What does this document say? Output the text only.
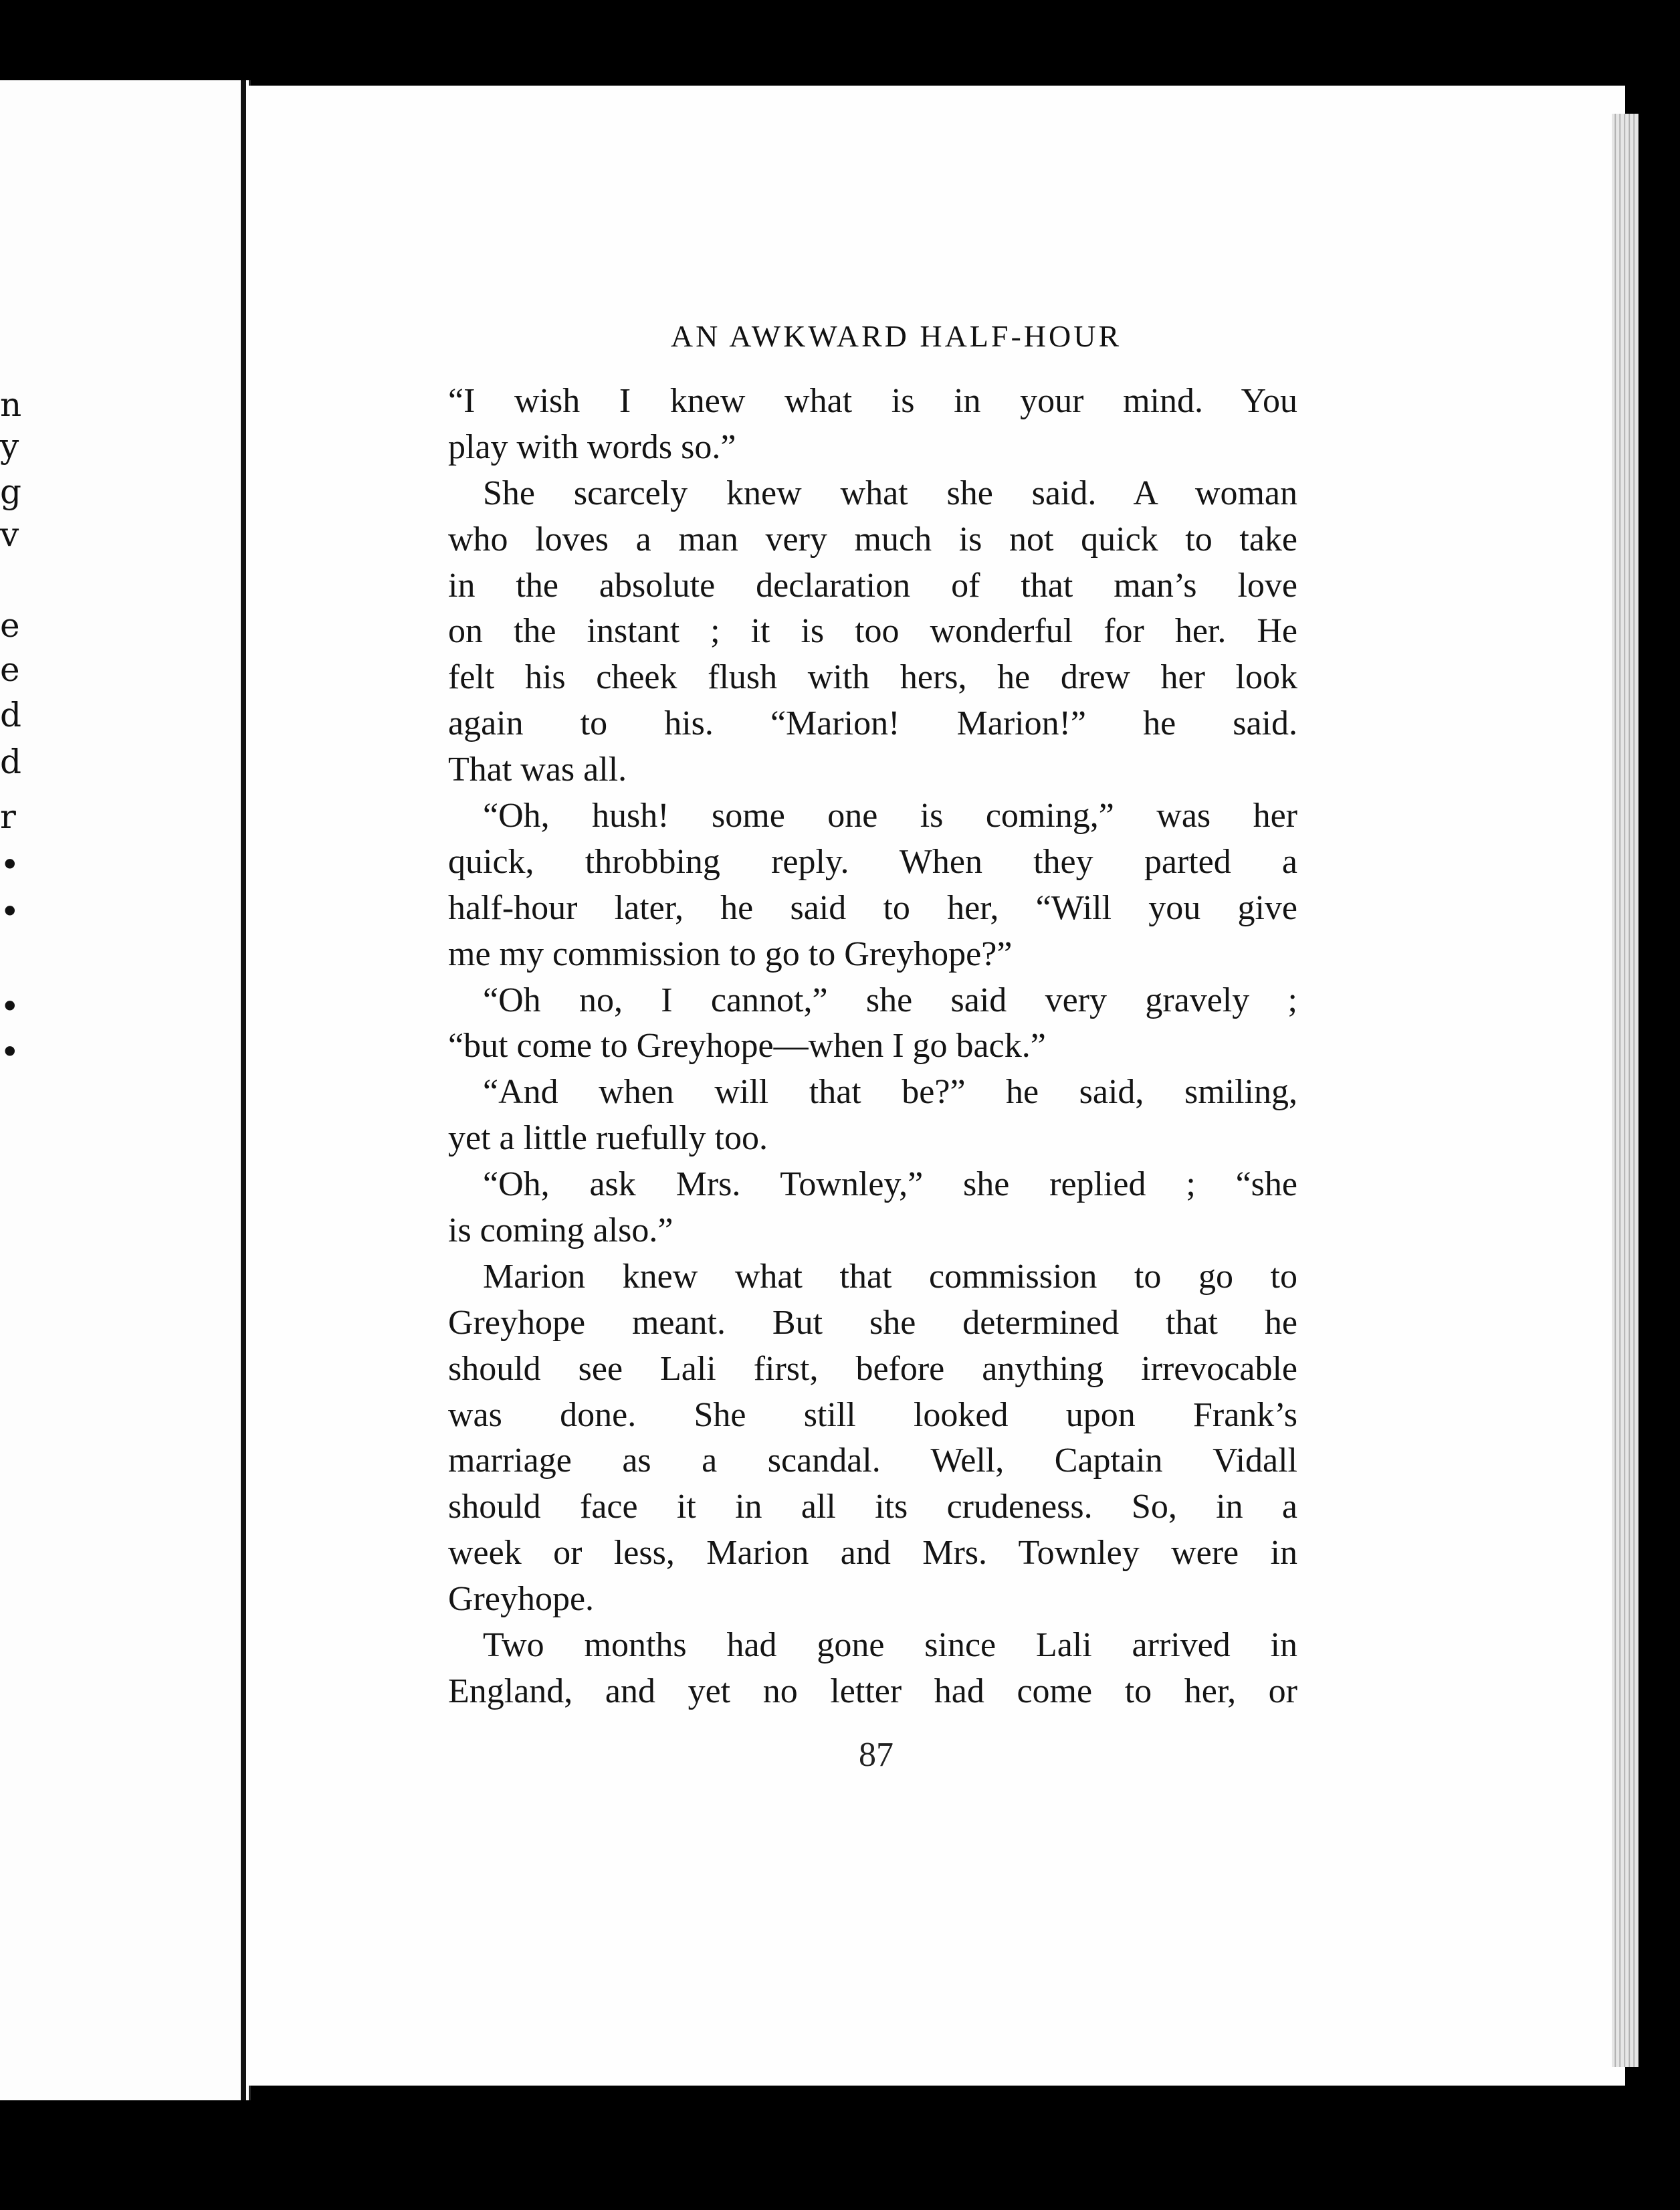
n
y
g
v
e
e
d
d
r
•
•
•
•
AN AWKWARD HALF-HOUR
“I wish I knew what is in your mind. You
play with words so.”
She scarcely knew what she said. A woman
who loves a man very much is not quick to take
in the absolute declaration of that man’s love
on the instant ; it is too wonderful for her. He
felt his cheek flush with hers, he drew her look
again to his. “Marion! Marion!” he said.
That was all.
“Oh, hush! some one is coming,” was her
quick, throbbing reply. When they parted a
half-hour later, he said to her, “Will you give
me my commission to go to Greyhope?”
“Oh no, I cannot,” she said very gravely ;
“but come to Greyhope—when I go back.”
“And when will that be?” he said, smiling,
yet a little ruefully too.
“Oh, ask Mrs. Townley,” she replied ; “she
is coming also.”
Marion knew what that commission to go to
Greyhope meant. But she determined that he
should see Lali first, before anything irrevocable
was done. She still looked upon Frank’s
marriage as a scandal. Well, Captain Vidall
should face it in all its crudeness. So, in a
week or less, Marion and Mrs. Townley were in
Greyhope.
Two months had gone since Lali arrived in
England, and yet no letter had come to her, or
87
